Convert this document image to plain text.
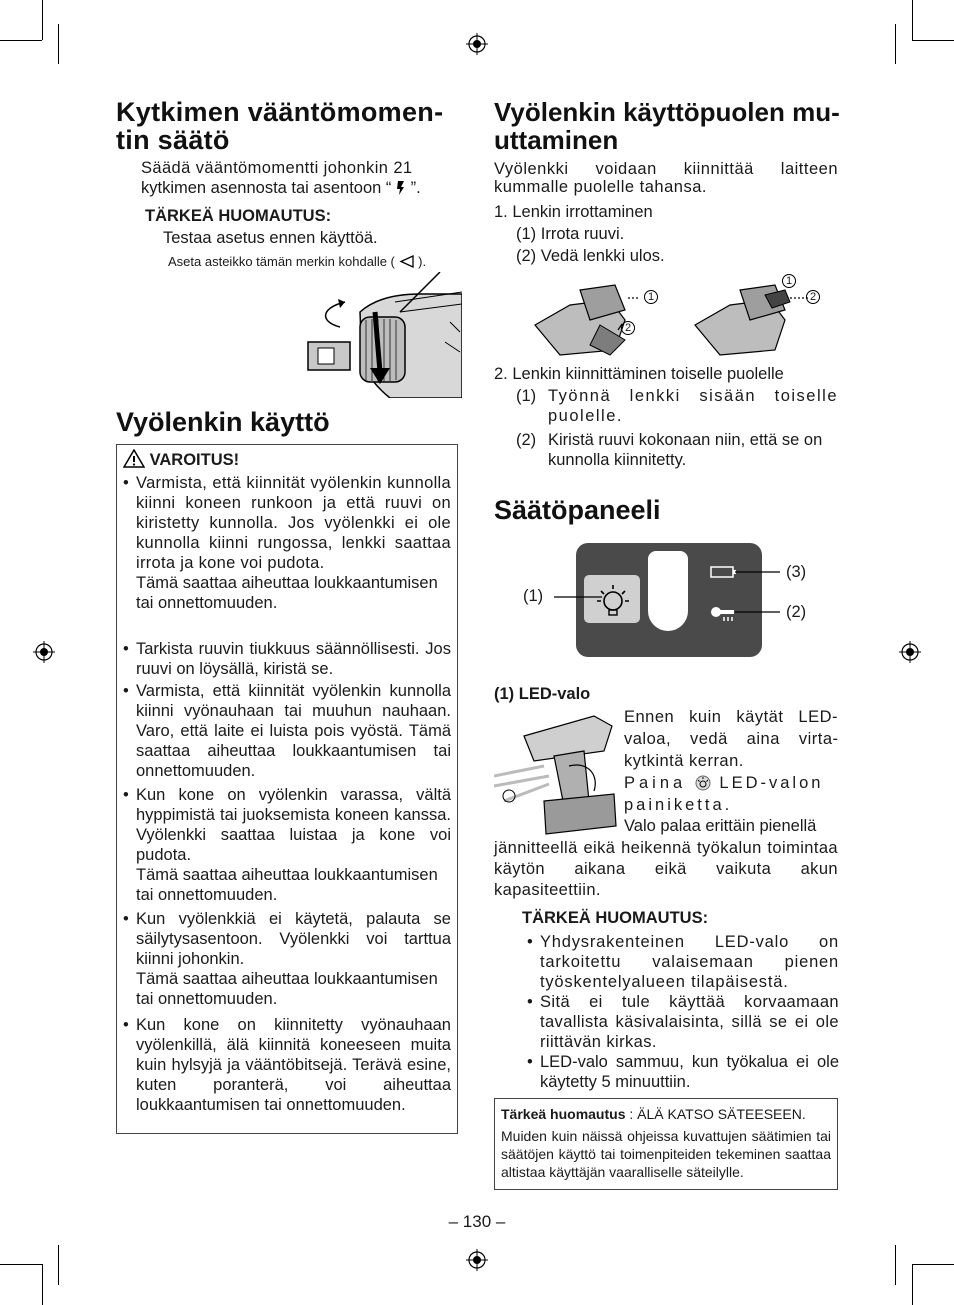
Kytkimen vääntömomen-
tin säätö

Säädä vääntömomentti johonkin 21

kytkimen asennosta tai asentoon “ ”.

TÄRKEÄ HUOMAUTUS:

Testaa asetus ennen käyttöä.

Aseta asteikko tämän merkin kohdalle ( ).

Vyölenkin käyttö
VAROITUS!
• Varmista, että kiinnität vyölenkin kunnolla kiinni koneen runkoon ja että ruuvi on kiristetty kunnolla. Jos vyölenkki ei ole kunnolla kiinni rungossa, lenkki saattaa irrota ja kone voi pudota.
Tämä saattaa aiheuttaa loukkaantumisen tai onnettomuuden.
• Tarkista ruuvin tiukkuus säännöllisesti. Jos ruuvi on löysällä, kiristä se.
• Varmista, että kiinnität vyölenkin kunnolla kiinni vyönauhaan tai muuhun nauhaan. Varo, että laite ei luista pois vyöstä. Tämä saattaa aiheuttaa loukkaantumisen tai onnettomuuden.
• Kun kone on vyölenkin varassa, vältä hyppimistä tai juoksemista koneen kanssa. Vyölenkki saattaa luistaa ja kone voi pudota.
Tämä saattaa aiheuttaa loukkaantumisen tai onnettomuuden.
• Kun vyölenkkiä ei käytetä, palauta se säilytysasentoon. Vyölenkki voi tarttua kiinni johonkin.
Tämä saattaa aiheuttaa loukkaantumisen tai onnettomuuden.
• Kun kone on kiinnitetty vyönauhaan vyölenkillä, älä kiinnitä koneeseen muita kuin hylsyjä ja vääntöbitsejä. Terävä esine, kuten poranterä, voi aiheuttaa loukkaantumisen tai onnettomuuden.
Vyölenkin käyttöpuolen mu-
uttaminen

Vyölenkki voidaan kiinnittää laitteen kummalle puolelle tahansa.

1. Lenkin irrottaminen

(1) Irrota ruuvi.

(2) Vedä lenkki ulos.

1
2
1
2

2. Lenkin kiinnittäminen toiselle puolelle

(1) Työnnä lenkki sisään toiselle puolelle.

(2) Kiristä ruuvi kokonaan niin, että se on kunnolla kiinnitetty.

Säätöpaneeli
(1)
(3)
(2)

(1) LED-valo

Ennen kuin käytät LED-valoa, vedä aina virtakytkintä kerran.

Paina LED-valon painiketta.

Valo palaa erittäin pienellä

jännitteellä eikä heikennä työkalun toimintaa käytön aikana eikä vaikuta akun kapasiteettiin.

TÄRKEÄ HUOMAUTUS:

• Yhdysrakenteinen LED-valo on tarkoitettu valaisemaan pienen työskentelyalueen tilapäisestä.
• Sitä ei tule käyttää korvaamaan tavallista käsivalaisinta, sillä se ei ole riittävän kirkas.
• LED-valo sammuu, kun työkalua ei ole käytetty 5 minuuttiin.
Tärkeä huomautus : ÄLÄ KATSO SÄTEESEEN.
Muiden kuin näissä ohjeissa kuvattujen säätimien tai säätöjen käyttö tai toimenpiteiden tekeminen saattaa altistaa käyttäjän vaaralliselle säteilylle.
– 130 –
